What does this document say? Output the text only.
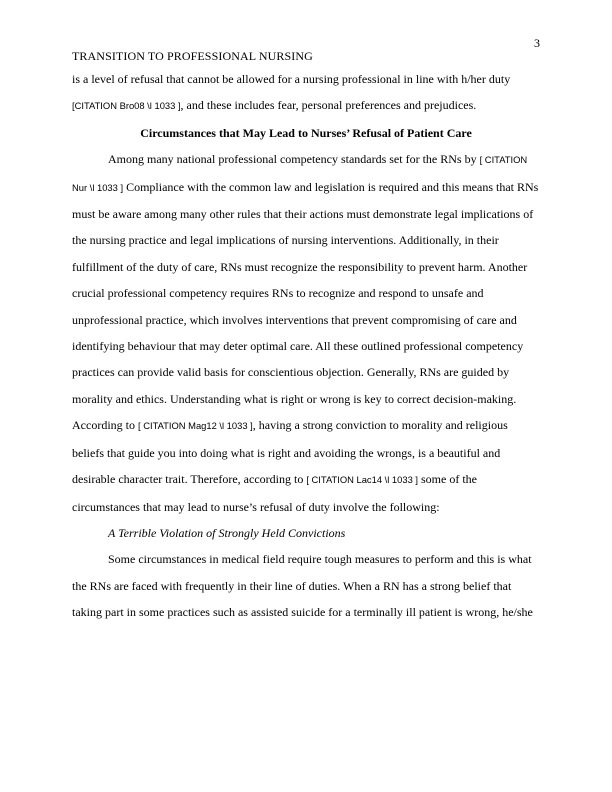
3
TRANSITION TO PROFESSIONAL NURSING

is a level of refusal that cannot be allowed for a nursing professional in line with h/her duty [CITATION Bro08 \l 1033 ], and these includes fear, personal preferences and prejudices.

Circumstances that May Lead to Nurses’ Refusal of Patient Care

Among many national professional competency standards set for the RNs by [ CITATION Nur \l 1033 ] Compliance with the common law and legislation is required and this means that RNs must be aware among many other rules that their actions must demonstrate legal implications of the nursing practice and legal implications of nursing interventions. Additionally, in their fulfillment of the duty of care, RNs must recognize the responsibility to prevent harm. Another crucial professional competency requires RNs to recognize and respond to unsafe and unprofessional practice, which involves interventions that prevent compromising of care and identifying behaviour that may deter optimal care. All these outlined professional competency practices can provide valid basis for conscientious objection. Generally, RNs are guided by morality and ethics. Understanding what is right or wrong is key to correct decision-making. According to [ CITATION Mag12 \l 1033 ], having a strong conviction to morality and religious beliefs that guide you into doing what is right and avoiding the wrongs, is a beautiful and desirable character trait. Therefore, according to [ CITATION Lac14 \l 1033 ] some of the circumstances that may lead to nurse’s refusal of duty involve the following:

A Terrible Violation of Strongly Held Convictions

Some circumstances in medical field require tough measures to perform and this is what the RNs are faced with frequently in their line of duties. When a RN has a strong belief that taking part in some practices such as assisted suicide for a terminally ill patient is wrong, he/she
